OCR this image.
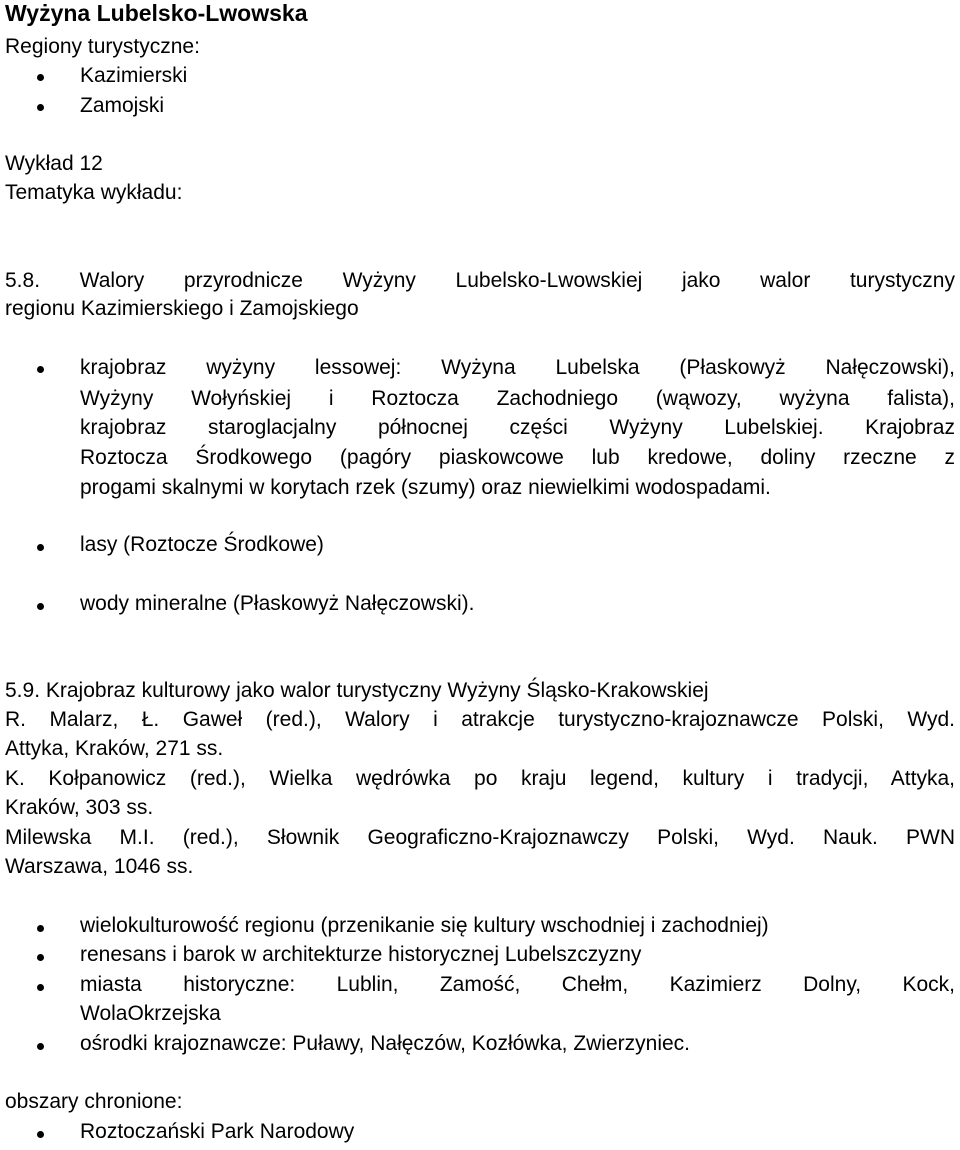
Wyżyna Lubelsko-Lwowska
Regiony turystyczne:
Kazimierski
Zamojski
Wykład 12
Tematyka wykładu:
5.8. Walory przyrodnicze Wyżyny Lubelsko-Lwowskiej jako walor turystyczny
regionu Kazimierskiego i Zamojskiego
krajobraz wyżyny lessowej: Wyżyna Lubelska (Płaskowyż Nałęczowski),
Wyżyny Wołyńskiej i Roztocza Zachodniego (wąwozy, wyżyna falista),
krajobraz staroglacjalny północnej części Wyżyny Lubelskiej. Krajobraz
Roztocza Środkowego (pagóry piaskowcowe lub kredowe, doliny rzeczne z
progami skalnymi w korytach rzek (szumy) oraz niewielkimi wodospadami.
lasy (Roztocze Środkowe)
wody mineralne (Płaskowyż Nałęczowski).
5.9. Krajobraz kulturowy jako walor turystyczny Wyżyny Śląsko-Krakowskiej
R. Malarz, Ł. Gaweł (red.), Walory i atrakcje turystyczno-krajoznawcze Polski, Wyd.
Attyka, Kraków, 271 ss.
K. Kołpanowicz (red.), Wielka wędrówka po kraju legend, kultury i tradycji, Attyka,
Kraków, 303 ss.
Milewska M.I. (red.), Słownik Geograficzno-Krajoznawczy Polski, Wyd. Nauk. PWN
Warszawa, 1046 ss.
wielokulturowość regionu (przenikanie się kultury wschodniej i zachodniej)
renesans i barok w architekturze historycznej Lubelszczyzny
miasta historyczne: Lublin, Zamość, Chełm, Kazimierz Dolny, Kock,
WolaOkrzejska
ośrodki krajoznawcze: Puławy, Nałęczów, Kozłówka, Zwierzyniec.
obszary chronione:
Roztoczański Park Narodowy
